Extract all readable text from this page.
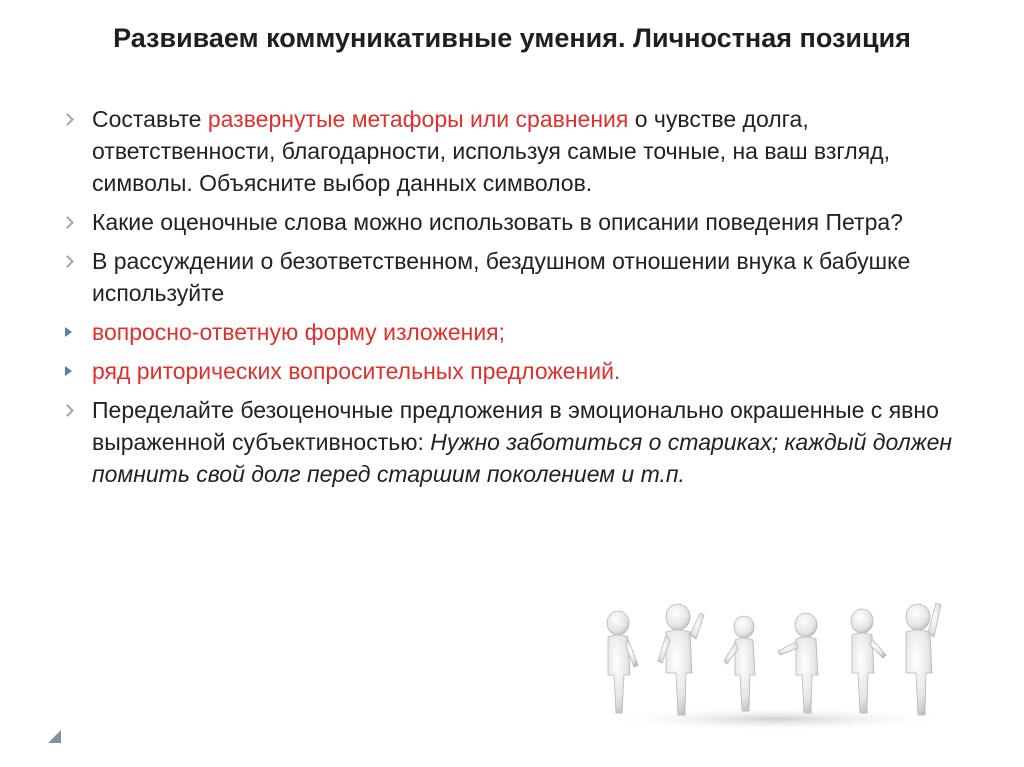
Развиваем коммуникативные умения. Личностная позиция
Составьте развернутые метафоры или сравнения о чувстве долга, ответственности, благодарности, используя самые точные, на ваш взгляд, символы. Объясните выбор данных символов.
Какие оценочные слова можно использовать в описании поведения Петра?
В рассуждении о безответственном, бездушном отношении внука к бабушке используйте
вопросно-ответную форму изложения;
ряд риторических вопросительных предложений.
Переделайте безоценочные предложения в эмоционально окрашенные с явно выраженной субъективностью: Нужно заботиться о стариках; каждый должен помнить свой долг перед старшим поколением и т.п.
